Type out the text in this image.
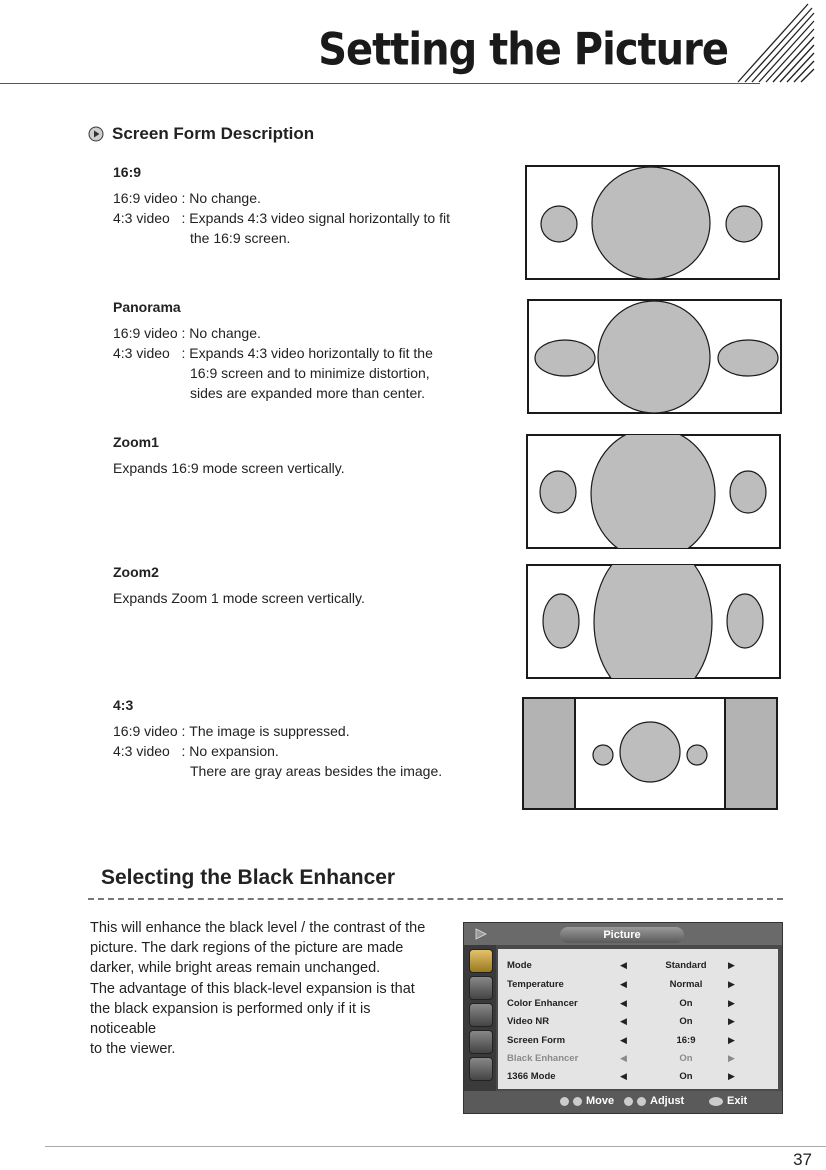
Setting the Picture
Screen Form Description
16:9
16:9 video : No change.
4:3 video   : Expands 4:3 video signal horizontally to fit
the 16:9 screen.
Panorama
16:9 video : No change.
4:3 video   : Expands 4:3 video horizontally to fit the
16:9 screen and to minimize distortion,
sides are expanded more than center.
Zoom1
Expands 16:9 mode screen vertically.
Zoom2
Expands Zoom 1 mode screen vertically.
4:3
16:9 video : The image is suppressed.
4:3 video   : No expansion.
There are gray areas besides the image.
Selecting the Black Enhancer

This will enhance the black level / the contrast of the

picture. The dark regions of the picture are made

darker, while bright areas remain unchanged.

The advantage of this black-level expansion is that

the black expansion is performed only if it is noticeable

to the viewer.

Picture
Mode	◀	Standard	▶
Temperature	◀	Normal	▶
Color Enhancer	◀	On	▶
Video NR	◀	On	▶
Screen Form	◀	16:9	▶
Black Enhancer	◀	On	▶
1366 Mode	◀	On	▶
Move	Adjust	Exit
37
